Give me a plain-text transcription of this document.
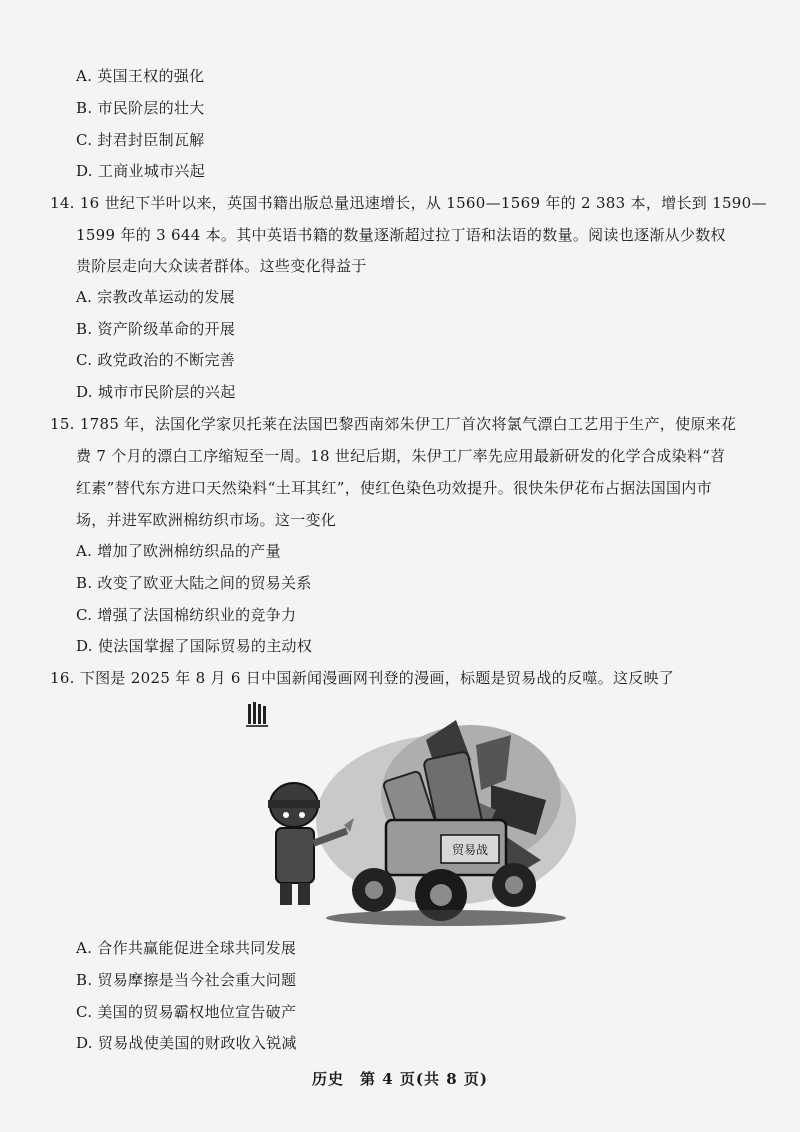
A. 英国王权的强化
B. 市民阶层的壮大
C. 封君封臣制瓦解
D. 工商业城市兴起
14. 16 世纪下半叶以来，英国书籍出版总量迅速增长，从 1560—1569 年的 2 383 本，增长到 1590—
1599 年的 3 644 本。其中英语书籍的数量逐渐超过拉丁语和法语的数量。阅读也逐渐从少数权
贵阶层走向大众读者群体。这些变化得益于
A. 宗教改革运动的发展
B. 资产阶级革命的开展
C. 政党政治的不断完善
D. 城市市民阶层的兴起
15. 1785 年，法国化学家贝托莱在法国巴黎西南郊朱伊工厂首次将氯气漂白工艺用于生产，使原来花
费 7 个月的漂白工序缩短至一周。18 世纪后期，朱伊工厂率先应用最新研发的化学合成染料“苕
红素”替代东方进口天然染料“土耳其红”，使红色染色功效提升。很快朱伊花布占据法国国内市
场，并进军欧洲棉纺织市场。这一变化
A. 增加了欧洲棉纺织品的产量
B. 改变了欧亚大陆之间的贸易关系
C. 增强了法国棉纺织业的竞争力
D. 使法国掌握了国际贸易的主动权
16. 下图是 2025 年 8 月 6 日中国新闻漫画网刊登的漫画，标题是贸易战的反噬。这反映了
贸易战
A. 合作共赢能促进全球共同发展
B. 贸易摩擦是当今社会重大问题
C. 美国的贸易霸权地位宣告破产
D. 贸易战使美国的财政收入锐减
历史　第 4 页(共 8 页)
